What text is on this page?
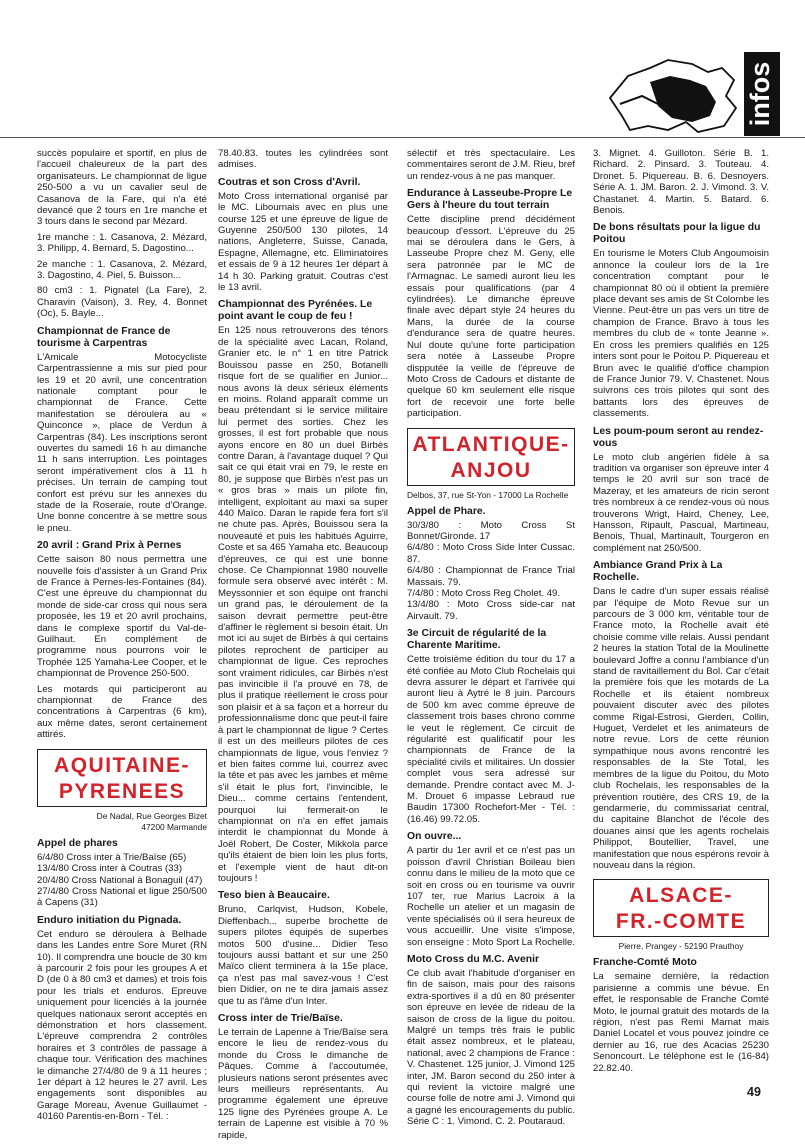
infos

succès populaire et sportif, en plus de l'accueil chaleureux de la part des organisateurs. Le championnat de ligue 250-500 a vu un cavalier seul de Casanova de la Fare, qui n'a été devancé que 2 tours en 1re manche et 3 tours dans le second par Mézard.

1re manche : 1. Casanova, 2. Mézard, 3. Philipp, 4. Bernard, 5. Dagostino...

2e manche : 1. Casanova, 2. Mézard, 3. Dagostino, 4. Piel, 5. Buisson...

80 cm3 : 1. Pignatel (La Fare), 2. Charavin (Vaison), 3. Rey, 4. Bonnet (Oc), 5. Bayle...

Championnat de France de tourisme à Carpentras

L'Amicale Motocycliste Carpentrassienne a mis sur pied pour les 19 et 20 avril, une concentration nationale comptant pour le championnat de France. Cette manifestation se déroulera au « Quinconce », place de Verdun à Carpentras (84). Les inscriptions seront ouvertes du samedi 16 h au dimanche 11 h sans interruption. Les pointages seront impérativement clos à 11 h précises. Un terrain de camping tout confort est prévu sur les annexes du stade de la Roseraie, route d'Orange. Une bonne concentre à se mettre sous le pneu.

20 avril : Grand Prix à Pernes

Cette saison 80 nous permettra une nouvelle fois d'assister à un Grand Prix de France à Pernes-les-Fontaines (84). C'est une épreuve du championnat du monde de side-car cross qui nous sera proposée, les 19 et 20 avril prochains, dans le complexe sportif du Val-de-Guilhaut. En complément de programme nous pourrons voir le Trophée 125 Yamaha-Lee Cooper, et le championnat de Provence 250-500.

Les motards qui participeront au championnat de France des concentrations à Carpentras (6 km), aux même dates, seront certainement attirés.

AQUITAINE-
PYRENEES
De Nadal, Rue Georges Bizet
47200 Marmande
Appel de phares

6/4/80 Cross inter à Trie/Baïse (65)

13/4/80 Cross inter à Coutras (33)

20/4/80 Cross National à Bonaguil (47)

27/4/80 Cross National et ligue 250/500 à Capens (31)

Enduro initiation du Pignada.

Cet enduro se déroulera à Belhade dans les Landes entre Sore Muret (RN 10). Il comprendra une boucle de 30 km à parcourir 2 fois pour les groupes A et D (de 0 à 80 cm3 et dames) et trois fois pour les trials et enduros. Epreuve uniquement pour licenciés à la journée quelques nationaux seront acceptés en démonstration et hors classement. L'épreuve comprendra 2 contrôles horaires et 3 contrôles de passage à chaque tour. Vérification des machines le dimanche 27/4/80 de 9 à 11 heures ; 1er départ à 12 heures le 27 avril. Les engagements sont disponibles au Garage Moreau, Avenue Guillaumet - 40160 Parentis-en-Born - Tél. :

78.40.83. toutes les cylindrées sont admises.

Coutras et son Cross d'Avril.

Moto Cross international organisé par le MC. Libournais avec en plus une course 125 et une épreuve de ligue de Guyenne 250/500 130 pilotes, 14 nations, Angleterre, Suisse, Canada, Espagne, Allemagne, etc. Eliminatoires et essais de 9 à 12 heures 1er départ à 14 h 30. Parking gratuit. Coutras c'est le 13 avril.

Championnat des Pyrénées. Le point avant le coup de feu !

En 125 nous retrouverons des ténors de la spécialité avec Lacan, Roland, Granier etc. le n° 1 en titre Patrick Bouissou passe en 250, Botanelli risque fort de se qualifier en Junior... nous avons là deux sérieux éléments en moins. Roland apparaît comme un beau prétendant si le service militaire lui permet des sorties. Chez les grosses, il est fort probable que nous ayons encore en 80 un duel Birbès contre Daran, à l'avantage duquel ? Qui sait ce qui était vrai en 79, le reste en 80, je suppose que Birbès n'est pas un « gros bras » mais un pilote fin, intelligent, exploitant au maxi sa super 440 Maïco. Daran le rapide fera fort s'il ne chute pas. Après, Bouissou sera la nouveauté et puis les habitués Aguirre, Coste et sa 465 Yamaha etc. Beaucoup d'épreuves, ce qui est une bonne chose. Ce Championnat 1980 nouvelle formule sera observé avec intérêt : M. Meyssonnier et son équipe ont franchi un grand pas, le déroulement de la saison devrait permettre peut-être d'affiner le règlement si besoin était. Un mot ici au sujet de Birbès à qui certains pilotes reprochent de participer au championnat de ligue. Ces reproches sont vraiment ridicules, car Birbès n'est pas invincible il l'a prouvé en 78, de plus il pratique réellement le cross pour son plaisir et à sa façon et a horreur du professionnalisme donc que peut-il faire à part le championnat de ligue ? Certes il est un des meilleurs pilotes de ces championnats de ligue, vous l'enviez ? et bien faites comme lui, courrez avec la tête et pas avec les jambes et même s'il était le plus fort, l'invincible, le Dieu... comme certains l'entendent, pourquoi lui fermerait-on le championnat on n'a en effet jamais interdit le championnat du Monde à Joël Robert, De Coster, Mikkola parce qu'ils étaient de bien loin les plus forts, et l'exemple vient de haut dit-on toujours !

Teso bien à Beaucaire.

Bruno, Carlqvist, Hudson, Kobele, Dieffenbach... superbe brochette de supers pilotes équipés de superbes motos 500 d'usine... Didier Teso toujours aussi battant et sur une 250 Maïco client terminera à la 15e place, ça n'est pas mal savez-vous ! C'est bien Didier, on ne te dira jamais assez que tu as l'âme d'un Inter.

Cross inter de Trie/Baïse.

Le terrain de Lapenne à Trie/Baïse sera encore le lieu de rendez-vous du monde du Cross le dimanche de Pâques. Comme à l'accoutumée, plusieurs nations seront présentes avec leurs meilleurs représentants. Au programme également une épreuve 125 ligne des Pyrénées groupe A. Le terrain de Lapenne est visible à 70 % rapide,

sélectif et très spectaculaire. Les commentaires seront de J.M. Rieu, bref un rendez-vous à ne pas manquer.

Endurance à Lasseube-Propre Le Gers à l'heure du tout terrain

Cette discipline prend décidément beaucoup d'essort. L'épreuve du 25 mai se déroulera dans le Gers, à Lasseube Propre chez M. Geny, elle sera patronnée par le MC de l'Armagnac. Le samedi auront lieu les essais pour qualifications (par 4 cylindrées). Le dimanche épreuve finale avec départ style 24 heures du Mans, la durée de la course d'endurance sera de quatre heures. Nul doute qu'une forte participation sera notée à Lasseube Propre dispputée la veille de l'épreuve de Moto Cross de Cadours et distante de quelque 60 km seulement elle risque fort de recevoir une forte belle participation.

ATLANTIQUE-
ANJOU
Delbos, 37, rue St-Yon - 17000 La Rochelle
Appel de Phare.

30/3/80 : Moto Cross St Bonnet/Gironde. 17

6/4/80 : Moto Cross Side Inter Cussac. 87.

6/4/80 : Championnat de France Trial Massais. 79.

7/4/80 : Moto Cross Reg Cholet. 49.

13/4/80 : Moto Cross side-car nat Airvault. 79.

3e Circuit de régularité de la Charente Maritime.

Cette troisième édition du tour du 17 a été confiée au Moto Club Rochelais qui devra assurer le départ et l'arrivée qui auront lieu à Aytré le 8 juin. Parcours de 500 km avec comme épreuve de classement trois bases chrono comme le veut le règlement. Ce circuit de régularité est qualificatif pour les championnats de France de la spécialité civils et militaires. Un dossier complet vous sera adressé sur demande. Prendre contact avec M. J-M. Drouet 6 impasse Lebraud rue Baudin 17300 Rochefort-Mer - Tél. : (16.46) 99.72.05.

On ouvre...

A partir du 1er avril et ce n'est pas un poisson d'avril Christian Boileau bien connu dans le milieu de la moto que ce soit en cross ou en tourisme va ouvrir 107 ter, rue Marius Lacroix à la Rochelle un atelier et un magasin de vente spécialisés où il sera heureux de vous accueillir. Une visite s'impose, son enseigne : Moto Sport La Rochelle.

Moto Cross du M.C. Avenir

Ce club avait l'habitude d'organiser en fin de saison, mais pour des raisons extra-sportives il a dû en 80 présenter son épreuve en levée de rideau de la saison de cross de la ligue du poitou. Malgré un temps très frais le public était assez nombreux, et le plateau, national, avec 2 champions de France : V. Chastenet. 125 junior, J. Vimond 125 inter, JM. Baron second du 250 inter à qui revient la victoire malgré une course folle de notre ami J. Vimond qui a gagné les encouragements du public. Série C : 1. Vimond. C. 2. Poutaraud.

3. Mignet. 4. Guilloton. Série B. 1. Richard. 2. Pinsard. 3. Touteau. 4. Dronet. 5. Piquereau. B. 6. Desnoyers. Série A. 1. JM. Baron. 2. J. Vimond. 3. V. Chastanet. 4. Martin. 5. Batard. 6. Benois.

De bons résultats pour la ligue du Poitou

En tourisme le Moters Club Angoumoisin annonce la couleur lors de la 1re concentration comptant pour le championnat 80 où il obtient la première place devant ses amis de St Colombe les Vienne. Peut-être un pas vers un titre de champion de France. Bravo à tous les membres du club de « tonte Jeanne ». En cross les premiers qualifiés en 125 inters sont pour le Poitou P. Piquereau et Brun avec le qualifié d'office champion de France Junior 79. V. Chastenet. Nous suivrons ces trois pilotes qui sont des battants lors des épreuves de classements.

Les poum-poum seront au rendez-vous

Le moto club angérien fidèle à sa tradition va organiser son épreuve inter 4 temps le 20 avril sur son tracé de Mazeray, et les amateurs de ricin seront très nombreux à ce rendez-vous où nous trouverons Wrigt, Haird, Cheney, Lee, Hansson, Ripault, Pascual, Martineau, Benois, Thual, Martinault, Tourgeron en complément nat 250/500.

Ambiance Grand Prix à La Rochelle.

Dans le cadre d'un super essais réalisé par l'équipe de Moto Revue sur un parcours de 3 000 km, véritable tour de France moto, la Rochelle avait été choisie comme ville relais. Aussi pendant 2 heures la station Total de la Moulinette boulevard Joffre a connu l'ambiance d'un stand de ravitaillement du Bol. Car c'était la première fois que les motards de La Rochelle et ils étaient nombreux pouvaient discuter avec des pilotes comme Rigal-Estrosi, Gierden, Collin, Huguet, Verdelet et les animateurs de notre revue. Lors de cette réunion sympathique nous avons rencontré les responsables de la Ste Total, les membres de la ligue du Poitou, du Moto club Rochelais, les responsables de la prévention routière, des CRS 19, de la gendarmerie, du commissariat central, du capitaine Blanchot de l'école des douanes ainsi que les agents rochelais Philippot, Boutellier, Travel, une manifestation que nous espérons revoir à nouveau dans la région.

ALSACE-
FR.-COMTE
Pierre, Prangey - 52190 Prauthoy
Franche-Comté Moto

La semaine dernière, la rédaction parisienne a commis une bévue. En effet, le responsable de Franche Comté Moto, le journal gratuit des motards de la région, n'est pas Remi Marnat mais Daniel Locatel et vous pouvez joindre ce dernier au 16, rue des Acacias 25230 Senoncourt. Le téléphone est le (16-84) 22.82.40.

49
